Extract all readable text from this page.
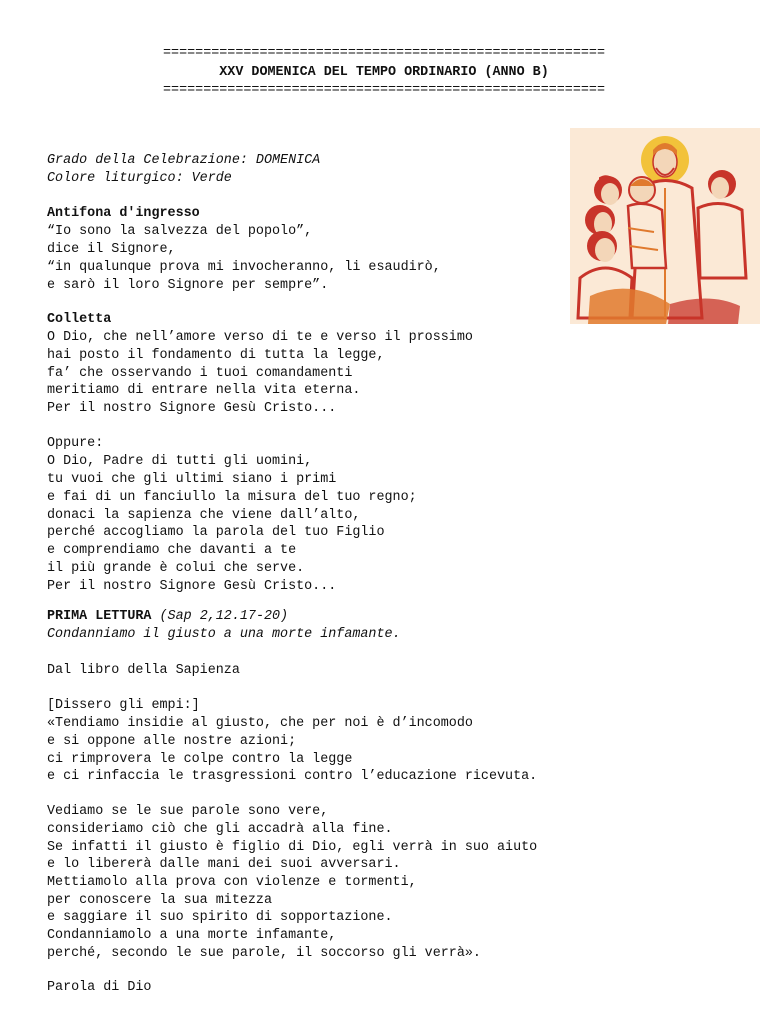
=======================================================
XXV DOMENICA DEL TEMPO ORDINARIO (ANNO B)
=======================================================
Grado della Celebrazione: DOMENICA
Colore liturgico: Verde
Antifona d'ingresso
“Io sono la salvezza del popolo”,
dice il Signore,
“in qualunque prova mi invocheranno, li esaudirò,
e sarò il loro Signore per sempre”.
Colletta
O Dio, che nell’amore verso di te e verso il prossimo
hai posto il fondamento di tutta la legge,
fa’ che osservando i tuoi comandamenti
meritiamo di entrare nella vita eterna.
Per il nostro Signore Gesù Cristo...
Oppure:
O Dio, Padre di tutti gli uomini,
tu vuoi che gli ultimi siano i primi
e fai di un fanciullo la misura del tuo regno;
donaci la sapienza che viene dall’alto,
perché accogliamo la parola del tuo Figlio
e comprendiamo che davanti a te
il più grande è colui che serve.
Per il nostro Signore Gesù Cristo...
PRIMA LETTURA (Sap 2,12.17-20)
Condanniamo il giusto a una morte infamante.
Dal libro della Sapienza
[Dissero gli empi:]
«Tendiamo insidie al giusto, che per noi è d’incomodo
e si oppone alle nostre azioni;
ci rimprovera le colpe contro la legge
e ci rinfaccia le trasgressioni contro l’educazione ricevuta.
Vediamo se le sue parole sono vere,
consideriamo ciò che gli accadrà alla fine.
Se infatti il giusto è figlio di Dio, egli verrà in suo aiuto
e lo libererà dalle mani dei suoi avversari.
Mettiamolo alla prova con violenze e tormenti,
per conoscere la sua mitezza
e saggiare il suo spirito di sopportazione.
Condanniamolo a una morte infamante,
perché, secondo le sue parole, il soccorso gli verrà».
Parola di Dio
